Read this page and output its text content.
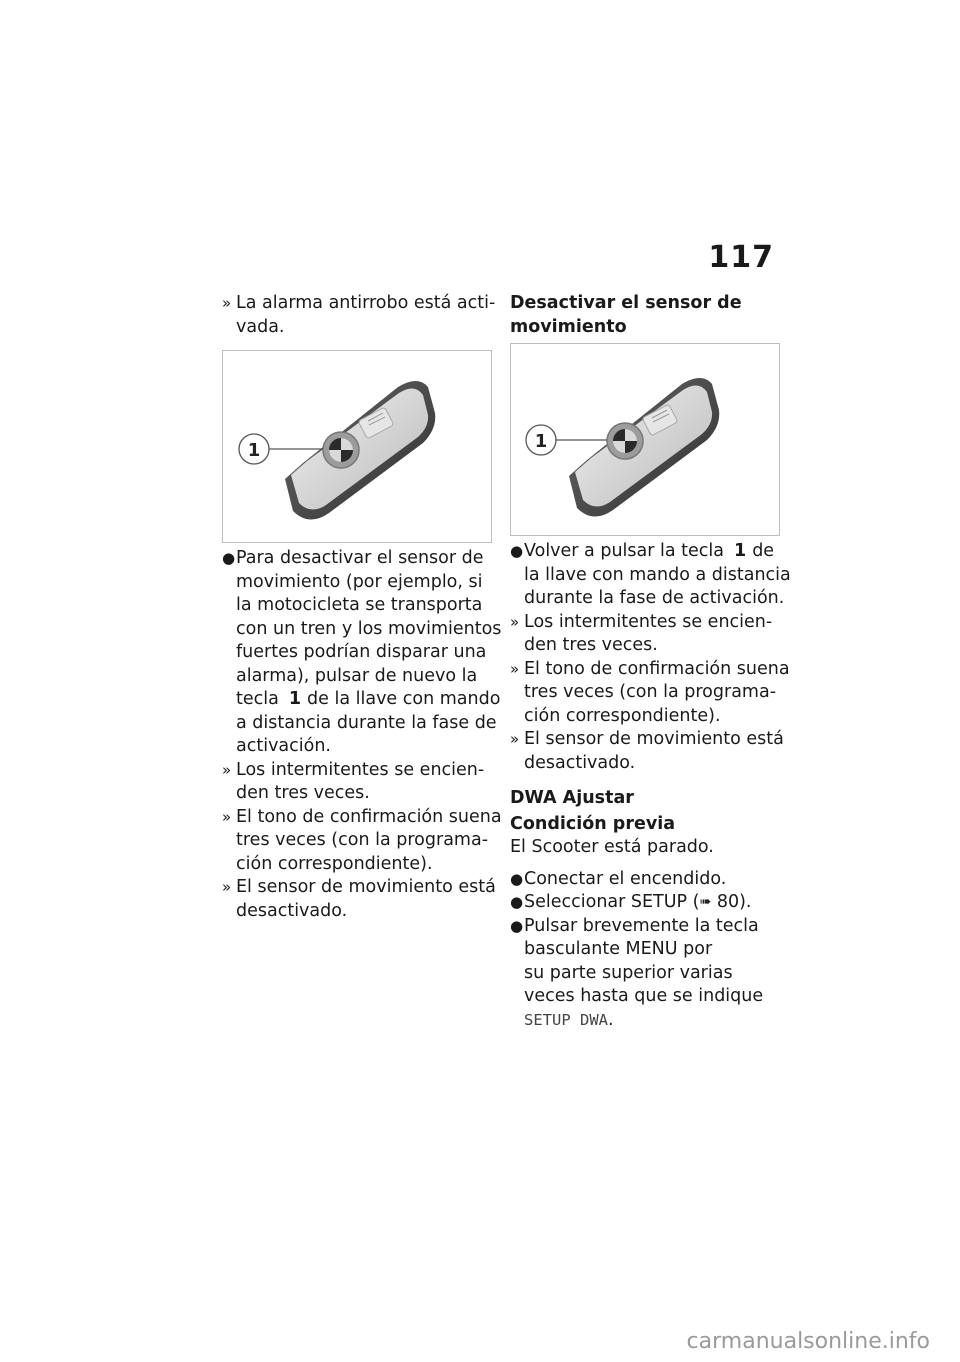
117
» La alarma antirrobo está acti-
vada.
1
● Para desactivar el sensor de
movimiento (por ejemplo, si
la motocicleta se transporta
con un tren y los movimientos
fuertes podrían disparar una
alarma), pulsar de nuevo la
tecla 1 de la llave con mando
a distancia durante la fase de
activación.
» Los intermitentes se encien-
den tres veces.
» El tono de confirmación suena
tres veces (con la programa-
ción correspondiente).
» El sensor de movimiento está
desactivado.
Desactivar el sensor de
movimiento
1
● Volver a pulsar la tecla 1 de
la llave con mando a distancia
durante la fase de activación.
» Los intermitentes se encien-
den tres veces.
» El tono de confirmación suena
tres veces (con la programa-
ción correspondiente).
» El sensor de movimiento está
desactivado.
DWA Ajustar
Condición previa
El Scooter está parado.
● Conectar el encendido.
● Seleccionar SETUP (➠ 80).
● Pulsar brevemente la tecla
basculante MENU por
su parte superior varias
veces hasta que se indique
SETUP DWA.
carmanualsonline.info
